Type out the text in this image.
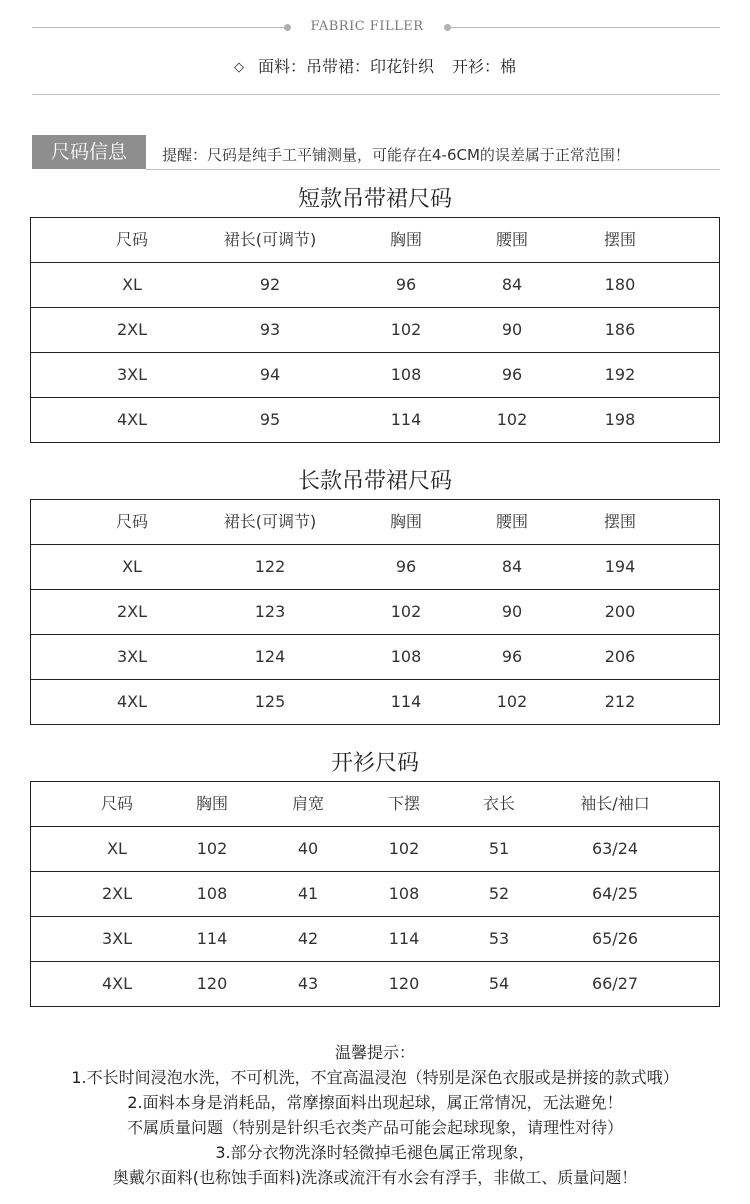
FABRIC FILLER
◇ 面料：吊带裙：印花针织 开衫：棉
尺码信息	提醒：尺码是纯手工平铺测量，可能存在4-6CM的误差属于正常范围！
短款吊带裙尺码
尺码	裙长(可调节)	胸围	腰围	摆围
XL	92	96	84	180
2XL	93	102	90	186
3XL	94	108	96	192
4XL	95	114	102	198
长款吊带裙尺码
尺码	裙长(可调节)	胸围	腰围	摆围
XL	122	96	84	194
2XL	123	102	90	200
3XL	124	108	96	206
4XL	125	114	102	212
开衫尺码
尺码	胸围	肩宽	下摆	衣长	袖长/袖口
XL	102	40	102	51	63/24
2XL	108	41	108	52	64/25
3XL	114	42	114	53	65/26
4XL	120	43	120	54	66/27
温馨提示：
1.不长时间浸泡水洗，不可机洗，不宜高温浸泡（特别是深色衣服或是拼接的款式哦）
2.面料本身是消耗品，常摩擦面料出现起球，属正常情况，无法避免！
不属质量问题（特别是针织毛衣类产品可能会起球现象，请理性对待）
3.部分衣物洗涤时轻微掉毛褪色属正常现象，
奥戴尔面料(也称蚀手面料)洗涤或流汗有水会有浮手，非做工、质量问题！
